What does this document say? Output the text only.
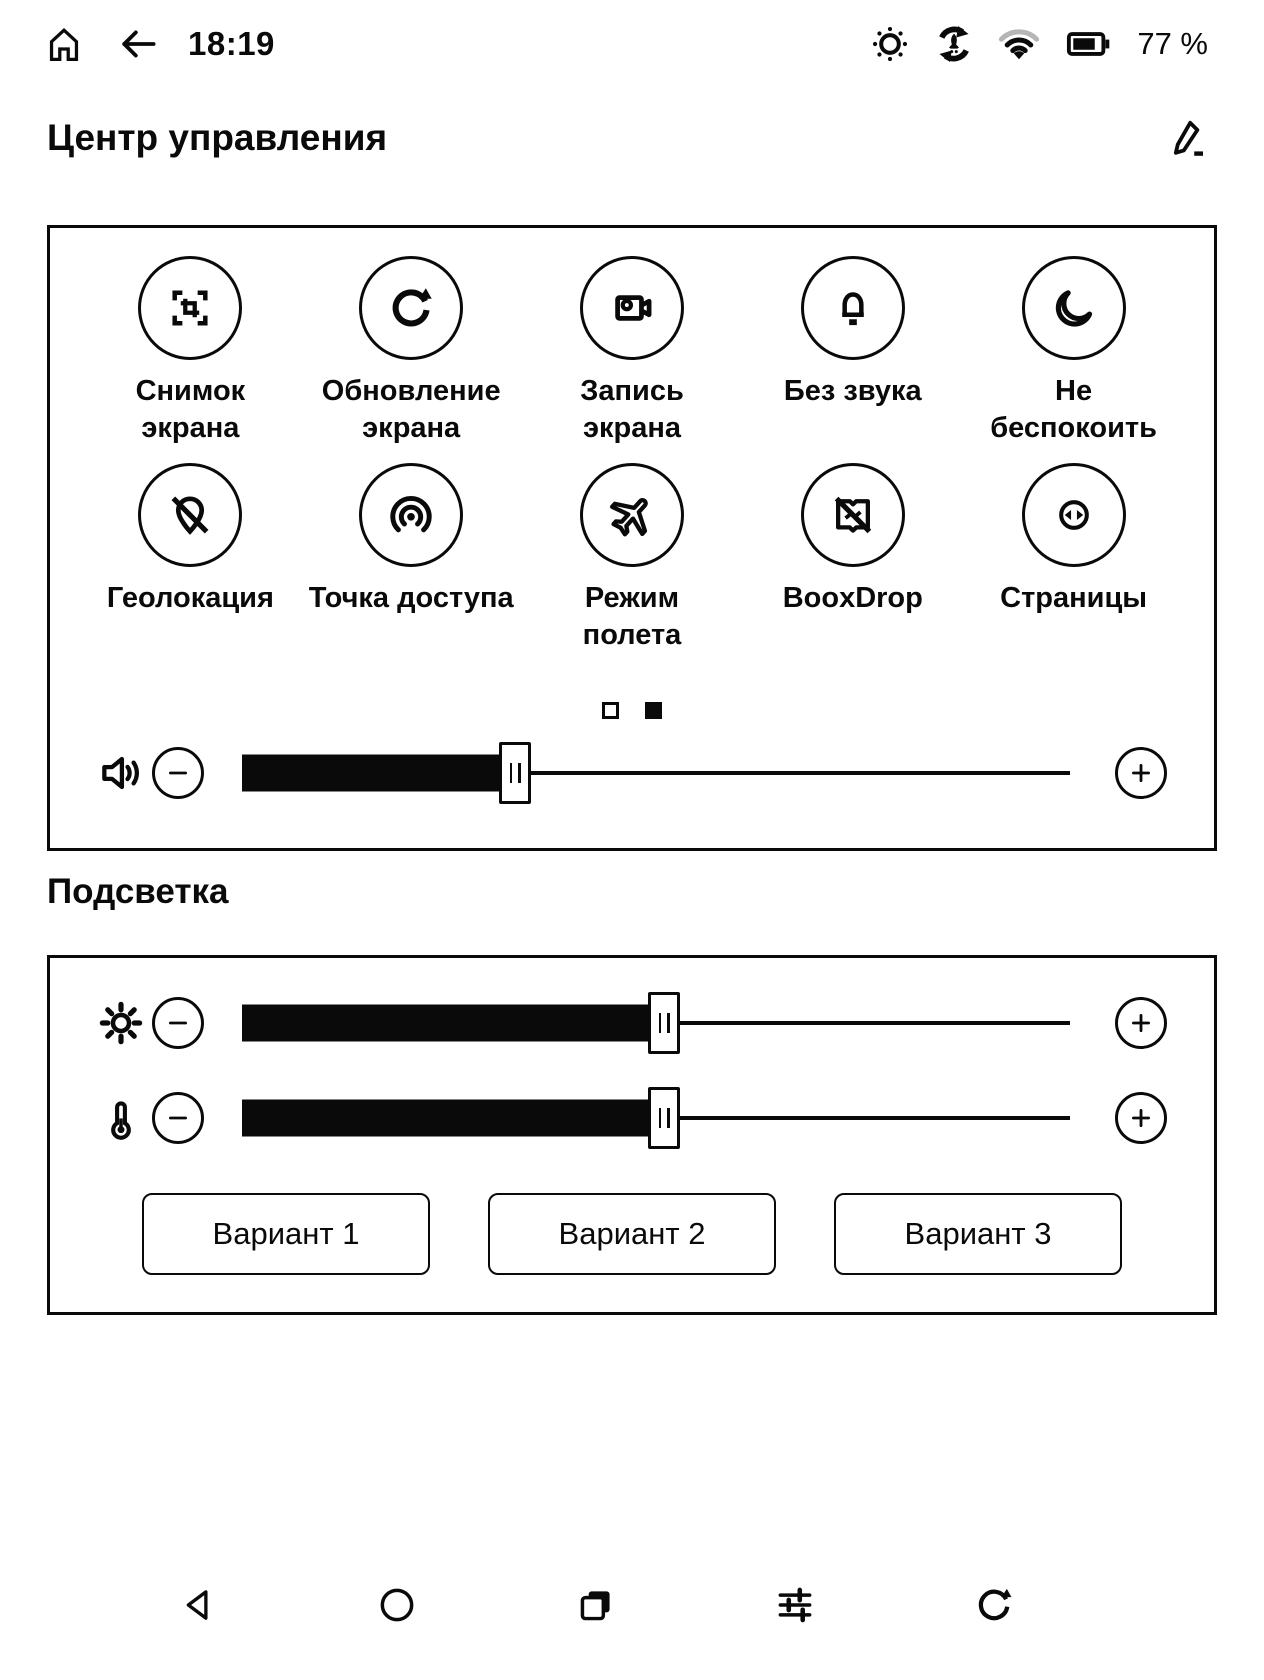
18:19	77 %
Центр управления
Снимок
экрана
Обновление
экрана
Запись
экрана
Без звука	Не
беспокоить
Геолокация Точка доступа Режим
полета
BooxDrop	Страницы
Подсветка
Вариант 1	Вариант 2	Вариант 3
